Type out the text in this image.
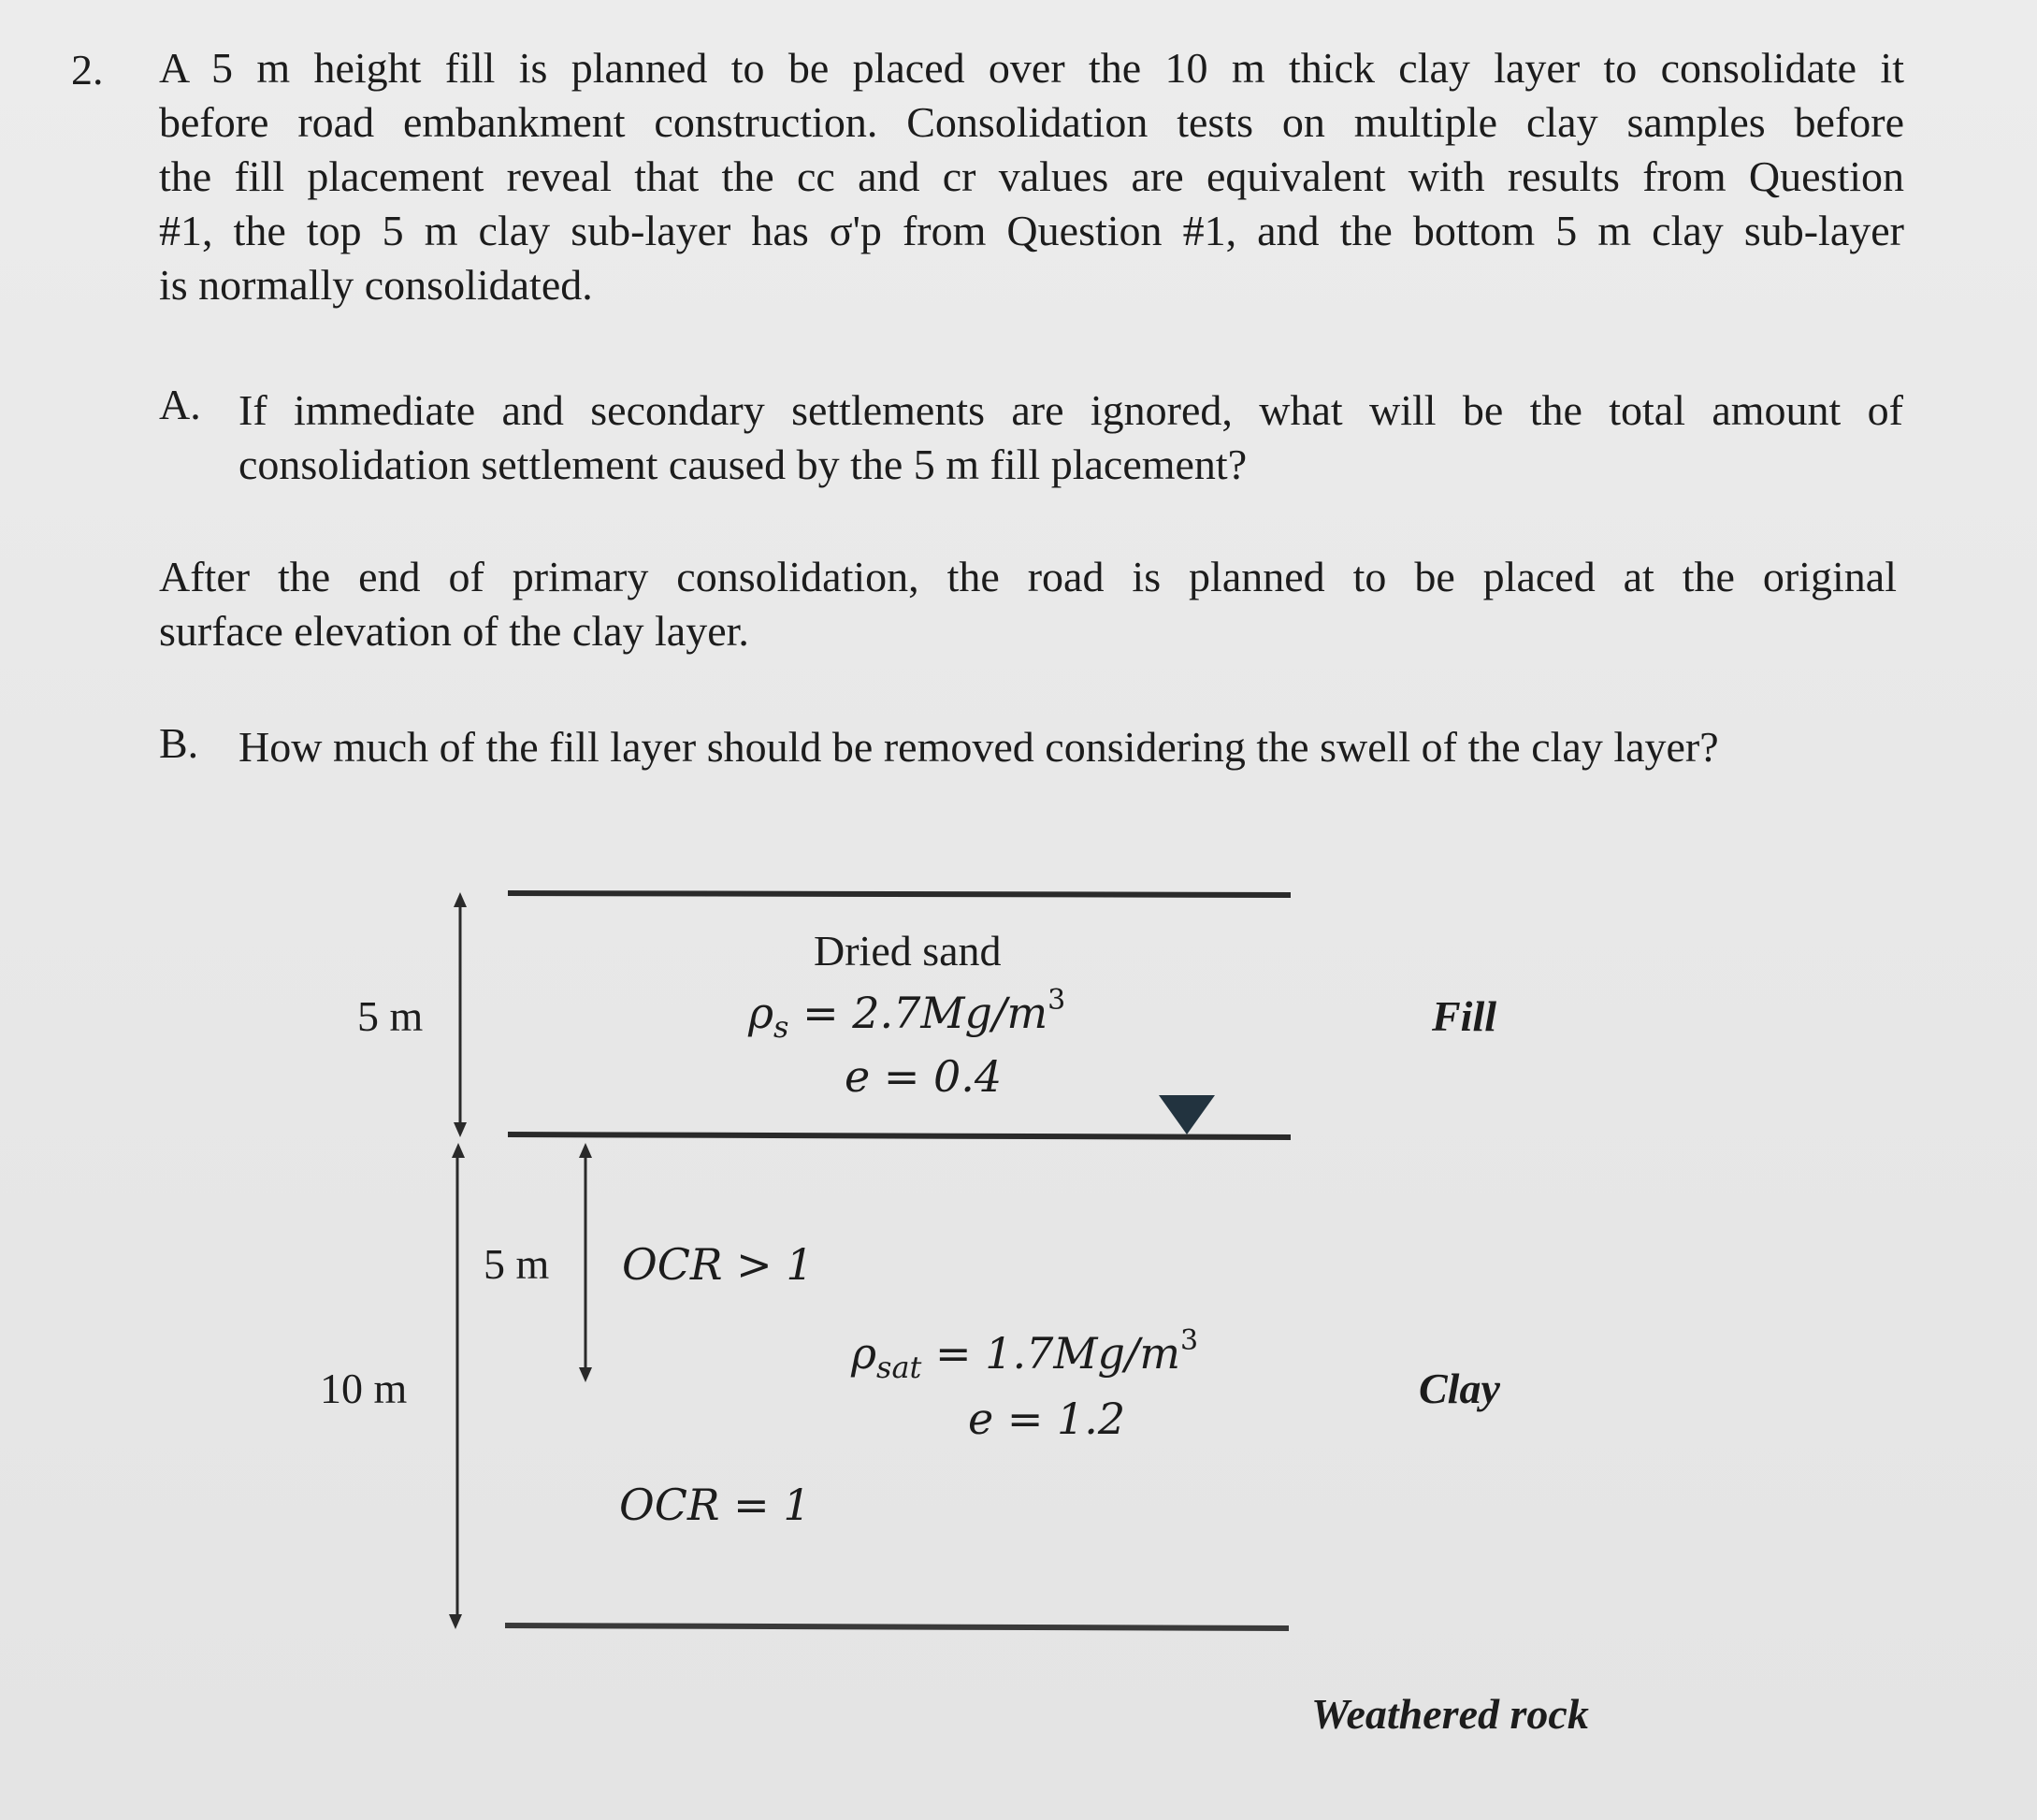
2. A 5 m height fill is planned to be placed over the 10 m thick clay layer to consolidate it
before road embankment construction. Consolidation tests on multiple clay samples before
the fill placement reveal that the cc and cr values are equivalent with results from Question
#1, the top 5 m clay sub-layer has σ'p from Question #1, and the bottom 5 m clay sub-layer
is normally consolidated.
A. If immediate and secondary settlements are ignored, what will be the total amount of
consolidation settlement caused by the 5 m fill placement?
After the end of primary consolidation, the road is planned to be placed at the original
surface elevation of the clay layer.
B. How much of the fill layer should be removed considering the swell of the clay layer?
5 m
10 m
5 m
Dried sand
$\rho_s = 2.7Mg/m^3$
e = 0.4
Fill
OCR > 1
OCR = 1
$\rho_{sat} = 1.7Mg/m^3$
e = 1.2
Clay
Weathered rock
